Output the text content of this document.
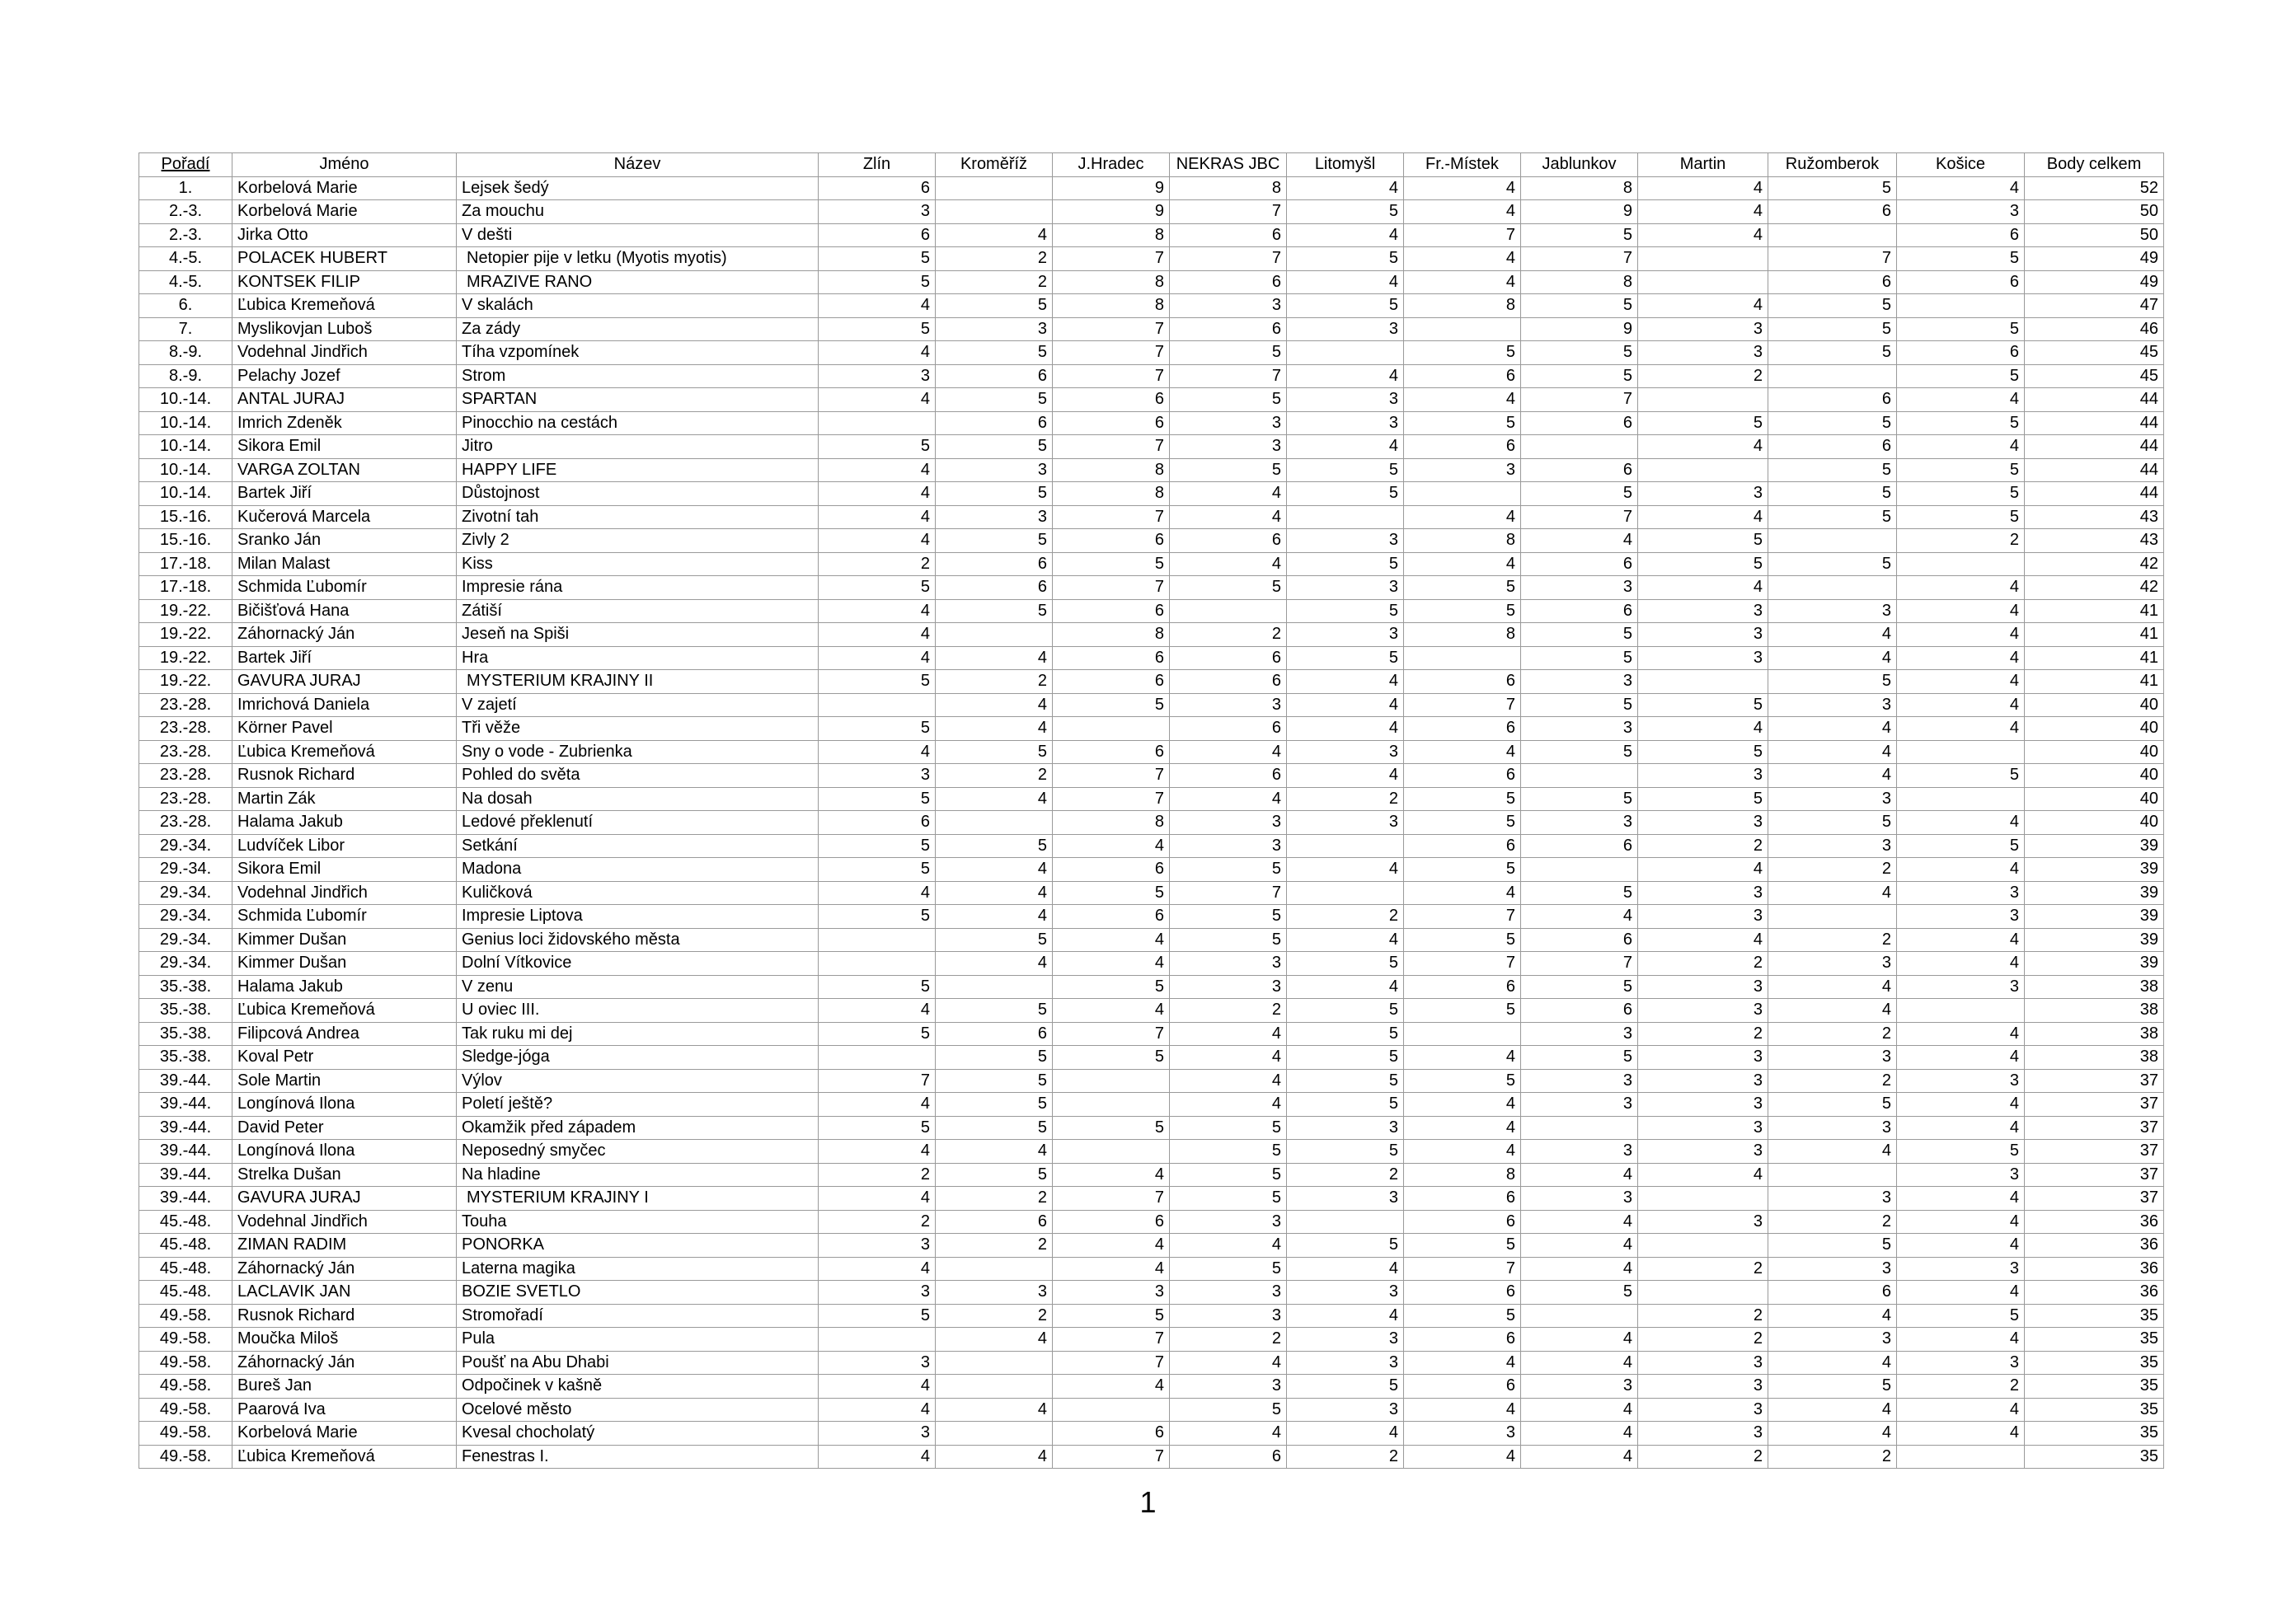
Pořadí	Jméno	Název	Zlín	Kroměříž	J.Hradec	NEKRAS JBC	Litomyšl	Fr.-Místek	Jablunkov	Martin	Ružomberok	Košice	Body celkem
1.	Korbelová Marie	Lejsek šedý	6		9	8	4	4	8	4	5	4	52
2.-3.	Korbelová Marie	Za mouchu	3		9	7	5	4	9	4	6	3	50
2.-3.	Jirka Otto	V dešti	6	4	8	6	4	7	5	4		6	50
4.-5.	POLACEK HUBERT	Netopier pije v letku (Myotis myotis)	5	2	7	7	5	4	7		7	5	49
4.-5.	KONTSEK FILIP	MRAZIVE RANO	5	2	8	6	4	4	8		6	6	49
6.	Ľubica Kremeňová	V skalách	4	5	8	3	5	8	5	4	5		47
7.	Myslikovjan Luboš	Za zády	5	3	7	6	3		9	3	5	5	46
8.-9.	Vodehnal Jindřich	Tíha vzpomínek	4	5	7	5		5	5	3	5	6	45
8.-9.	Pelachy Jozef	Strom	3	6	7	7	4	6	5	2		5	45
10.-14.	ANTAL JURAJ	SPARTAN	4	5	6	5	3	4	7		6	4	44
10.-14.	Imrich Zdeněk	Pinocchio na cestách		6	6	3	3	5	6	5	5	5	44
10.-14.	Sikora Emil	Jitro	5	5	7	3	4	6		4	6	4	44
10.-14.	VARGA ZOLTAN	HAPPY LIFE	4	3	8	5	5	3	6		5	5	44
10.-14.	Bartek Jiří	Důstojnost	4	5	8	4	5		5	3	5	5	44
15.-16.	Kučerová Marcela	Zivotní tah	4	3	7	4		4	7	4	5	5	43
15.-16.	Sranko Ján	Zivly 2	4	5	6	6	3	8	4	5		2	43
17.-18.	Milan Malast	Kiss	2	6	5	4	5	4	6	5	5		42
17.-18.	Schmida Ľubomír	Impresie rána	5	6	7	5	3	5	3	4		4	42
19.-22.	Bičišťová Hana	Zátiší	4	5	6		5	5	6	3	3	4	41
19.-22.	Záhornacký Ján	Jeseň na Spiši	4		8	2	3	8	5	3	4	4	41
19.-22.	Bartek Jiří	Hra	4	4	6	6	5		5	3	4	4	41
19.-22.	GAVURA JURAJ	MYSTERIUM KRAJINY II	5	2	6	6	4	6	3		5	4	41
23.-28.	Imrichová Daniela	V zajetí		4	5	3	4	7	5	5	3	4	40
23.-28.	Körner Pavel	Tři věže	5	4		6	4	6	3	4	4	4	40
23.-28.	Ľubica Kremeňová	Sny o vode - Zubrienka	4	5	6	4	3	4	5	5	4		40
23.-28.	Rusnok Richard	Pohled do světa	3	2	7	6	4	6		3	4	5	40
23.-28.	Martin Zák	Na dosah	5	4	7	4	2	5	5	5	3		40
23.-28.	Halama Jakub	Ledové překlenutí	6		8	3	3	5	3	3	5	4	40
29.-34.	Ludvíček Libor	Setkání	5	5	4	3		6	6	2	3	5	39
29.-34.	Sikora Emil	Madona	5	4	6	5	4	5		4	2	4	39
29.-34.	Vodehnal Jindřich	Kuličková	4	4	5	7		4	5	3	4	3	39
29.-34.	Schmida Ľubomír	Impresie Liptova	5	4	6	5	2	7	4	3		3	39
29.-34.	Kimmer Dušan	Genius loci židovského města		5	4	5	4	5	6	4	2	4	39
29.-34.	Kimmer Dušan	Dolní Vítkovice		4	4	3	5	7	7	2	3	4	39
35.-38.	Halama Jakub	V zenu	5		5	3	4	6	5	3	4	3	38
35.-38.	Ľubica Kremeňová	U oviec III.	4	5	4	2	5	5	6	3	4		38
35.-38.	Filipcová Andrea	Tak ruku mi dej	5	6	7	4	5		3	2	2	4	38
35.-38.	Koval Petr	Sledge-jóga		5	5	4	5	4	5	3	3	4	38
39.-44.	Sole Martin	Výlov	7	5		4	5	5	3	3	2	3	37
39.-44.	Longínová Ilona	Poletí ještě?	4	5		4	5	4	3	3	5	4	37
39.-44.	David Peter	Okamžik před západem	5	5	5	5	3	4		3	3	4	37
39.-44.	Longínová Ilona	Neposedný smyčec	4	4		5	5	4	3	3	4	5	37
39.-44.	Strelka Dušan	Na hladine	2	5	4	5	2	8	4	4		3	37
39.-44.	GAVURA JURAJ	MYSTERIUM KRAJINY I	4	2	7	5	3	6	3		3	4	37
45.-48.	Vodehnal Jindřich	Touha	2	6	6	3		6	4	3	2	4	36
45.-48.	ZIMAN RADIM	PONORKA	3	2	4	4	5	5	4		5	4	36
45.-48.	Záhornacký Ján	Laterna magika	4		4	5	4	7	4	2	3	3	36
45.-48.	LACLAVIK JAN	BOZIE SVETLO	3	3	3	3	3	6	5		6	4	36
49.-58.	Rusnok Richard	Stromořadí	5	2	5	3	4	5		2	4	5	35
49.-58.	Moučka Miloš	Pula		4	7	2	3	6	4	2	3	4	35
49.-58.	Záhornacký Ján	Poušť na Abu Dhabi	3		7	4	3	4	4	3	4	3	35
49.-58.	Bureš Jan	Odpočinek v kašně	4		4	3	5	6	3	3	5	2	35
49.-58.	Paarová Iva	Ocelové město	4	4		5	3	4	4	3	4	4	35
49.-58.	Korbelová Marie	Kvesal chocholatý	3		6	4	4	3	4	3	4	4	35
49.-58.	Ľubica Kremeňová	Fenestras I.	4	4	7	6	2	4	4	2	2		35
1
